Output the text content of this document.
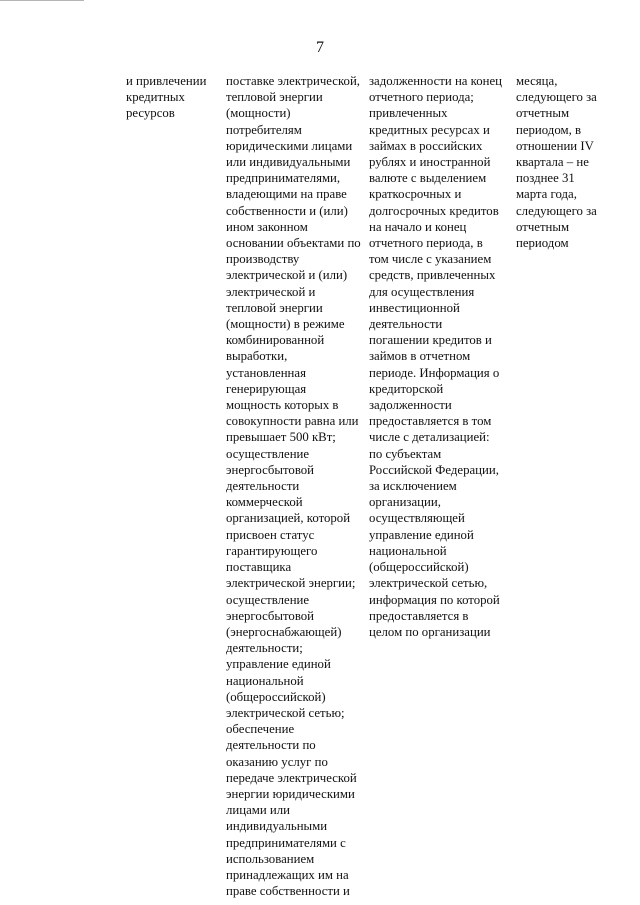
7

и привлечении
кредитных
ресурсов

поставке электрической,
тепловой энергии
(мощности)
потребителям
юридическими лицами
или индивидуальными
предпринимателями,
владеющими на праве
собственности и (или)
ином законном
основании объектами по
производству
электрической и (или)
электрической и
тепловой энергии
(мощности) в режиме
комбинированной
выработки,
установленная
генерирующая
мощность которых в
совокупности равна или
превышает 500 кВт;
осуществление
энергосбытовой
деятельности
коммерческой
организацией, которой
присвоен статус
гарантирующего
поставщика
электрической энергии;
осуществление
энергосбытовой
(энергоснабжающей)
деятельности;
управление единой
национальной
(общероссийской)
электрической сетью;
обеспечение
деятельности по
оказанию услуг по
передаче электрической
энергии юридическими
лицами или
индивидуальными
предпринимателями с
использованием
принадлежащих им на
праве собственности и

задолженности на конец
отчетного периода;
привлеченных
кредитных ресурсах и
займах в российских
рублях и иностранной
валюте с выделением
краткосрочных и
долгосрочных кредитов
на начало и конец
отчетного периода, в
том числе с указанием
средств, привлеченных
для осуществления
инвестиционной
деятельности
погашении кредитов и
займов в отчетном
периоде. Информация о
кредиторской
задолженности
предоставляется в том
числе с детализацией:
по субъектам
Российской Федерации,
за исключением
организации,
осуществляющей
управление единой
национальной
(общероссийской)
электрической сетью,
информация по которой
предоставляется в
целом по организации

месяца,
следующего за
отчетным
периодом, в
отношении IV
квартала – не
позднее 31
марта года,
следующего за
отчетным
периодом
